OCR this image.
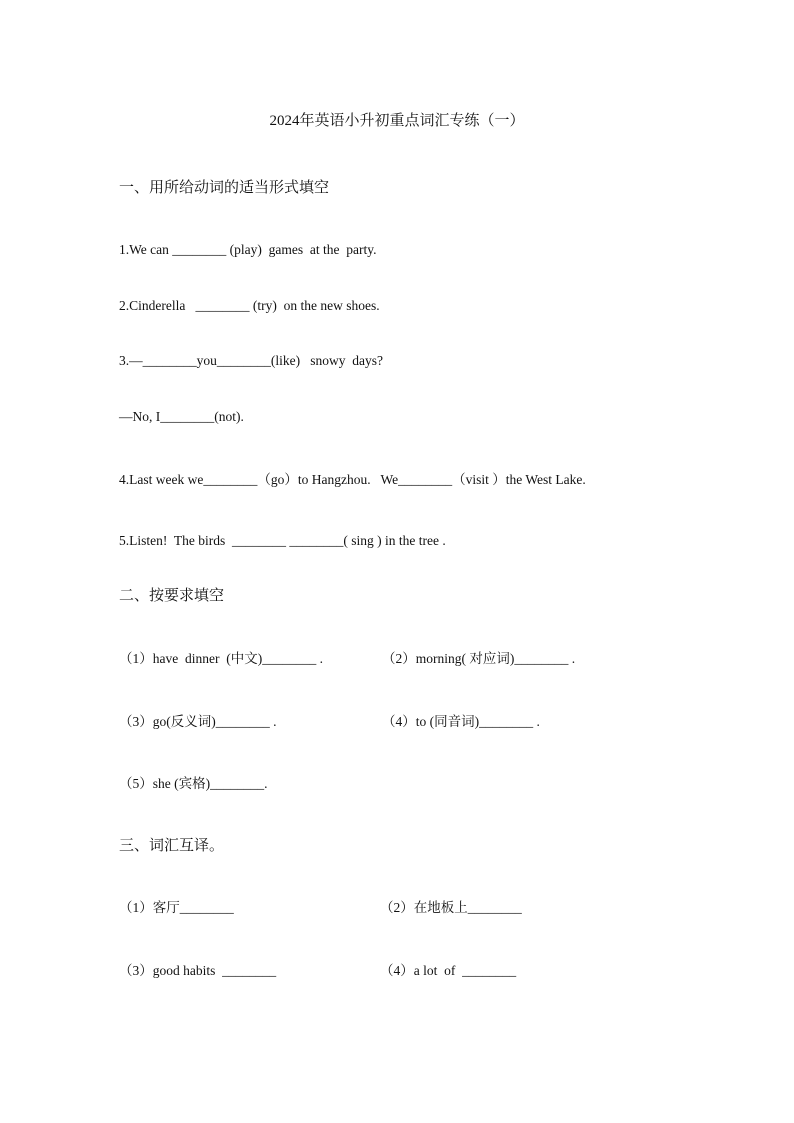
2024年英语小升初重点词汇专练（一）
一、用所给动词的适当形式填空
1.We can ________ (play)  games  at the  party.
2.Cinderella   ________ (try)  on the new shoes.
3.—________you________(like)   snowy  days?
—No, I________(not).
4.Last week we________（go）to Hangzhou.   We________（visit ）the West Lake.
5.Listen!  The birds  ________ ________( sing ) in the tree .
二、按要求填空
（1）have  dinner  (中文)________ .	（2）morning( 对应词)________ .
（3）go(反义词)________ .	（4）to (同音词)________ .
（5）she (宾格)________.
三、词汇互译。
（1）客厅________	（2）在地板上________
（3）good habits  ________	（4）a lot  of  ________
